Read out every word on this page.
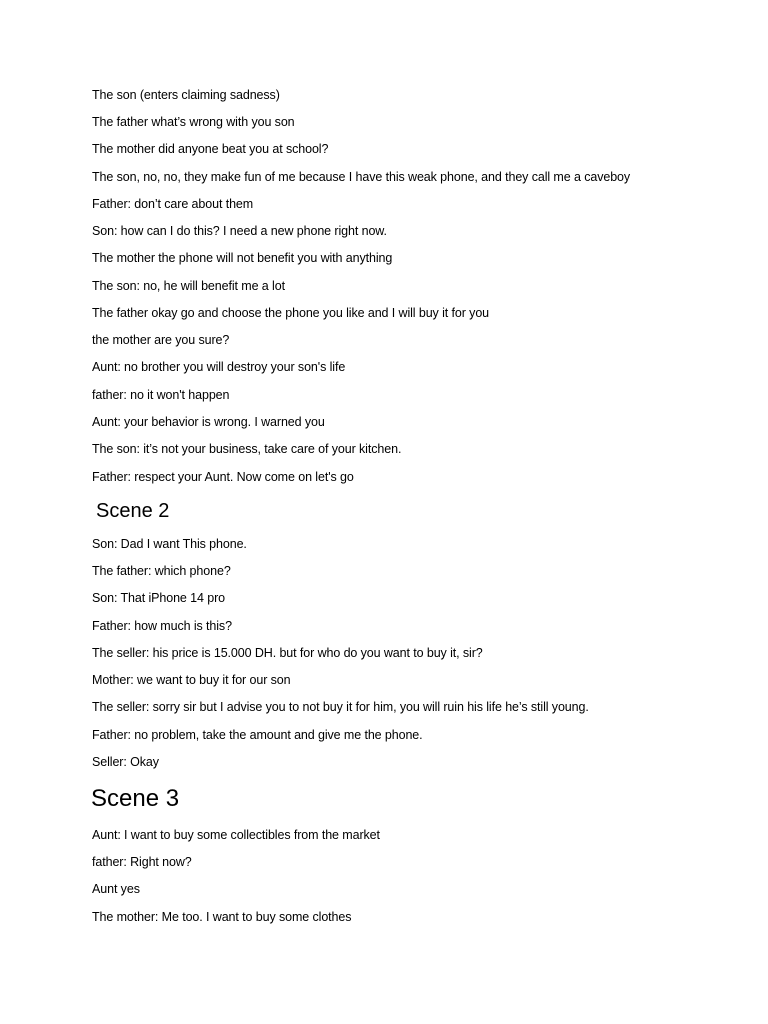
The son (enters claiming sadness)
The father what’s wrong with you son
The mother did anyone beat you at school?
The son, no, no, they make fun of me because I have this weak phone, and they call me a caveboy
Father: don’t care about them
Son: how can I do this? I need a new phone right now.
The mother the phone will not benefit you with anything
The son: no, he will benefit me a lot
The father okay go and choose the phone you like and I will buy it for you
the mother are you sure?
Aunt: no brother you will destroy your son's life
father: no it won't happen
Aunt: your behavior is wrong. I warned you
The son: it’s not your business, take care of your kitchen.
Father: respect your Aunt. Now come on let's go
Scene 2
Son: Dad I want This phone.
The father: which phone?
Son: That iPhone 14 pro
Father: how much is this?
The seller: his price is 15.000 DH. but for who do you want to buy it, sir?
Mother: we want to buy it for our son
The seller: sorry sir but I advise you to not buy it for him, you will ruin his life he’s still young.
Father: no problem, take the amount and give me the phone.
Seller: Okay
Scene 3
Aunt: I want to buy some collectibles from the market
father: Right now?
Aunt yes
The mother: Me too. I want to buy some clothes
